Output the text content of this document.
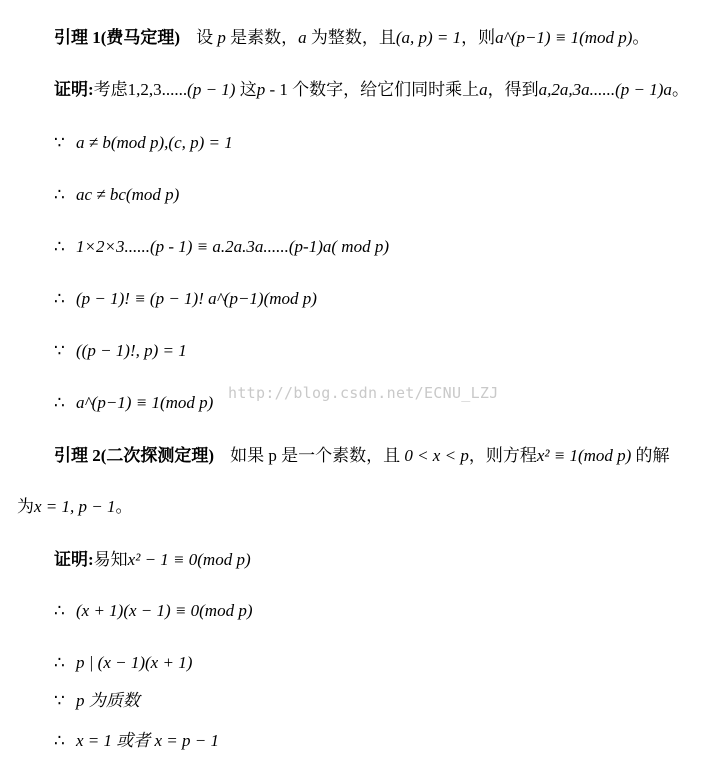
引理 1(费马定理) 设 p 是素数，a 为整数，且(a, p) = 1，则a^(p−1) ≡ 1(mod p)。
证明:考虑1,2,3......(p − 1) 这p - 1 个数字，给它们同时乘上a，得到a,2a,3a......(p − 1)a。
∵ a ≠ b(mod p),(c, p) = 1
∴ ac ≠ bc(mod p)
∴ 1×2×3......(p - 1) ≡ a.2a.3a......(p-1)a( mod p)
∴ (p − 1)! ≡ (p − 1)! a^(p−1)(mod p)
∵ ((p − 1)!, p) = 1
∴ a^(p−1) ≡ 1(mod p) http://blog.csdn.net/ECNU_LZJ
引理 2(二次探测定理) 如果 p 是一个素数，且 0 < x < p，则方程x² ≡ 1(mod p) 的解
为x = 1, p − 1。
证明:易知x² − 1 ≡ 0(mod p)
∴ (x + 1)(x − 1) ≡ 0(mod p)
∴ p | (x − 1)(x + 1)
∵ p 为质数
∴ x = 1 或者 x = p − 1
